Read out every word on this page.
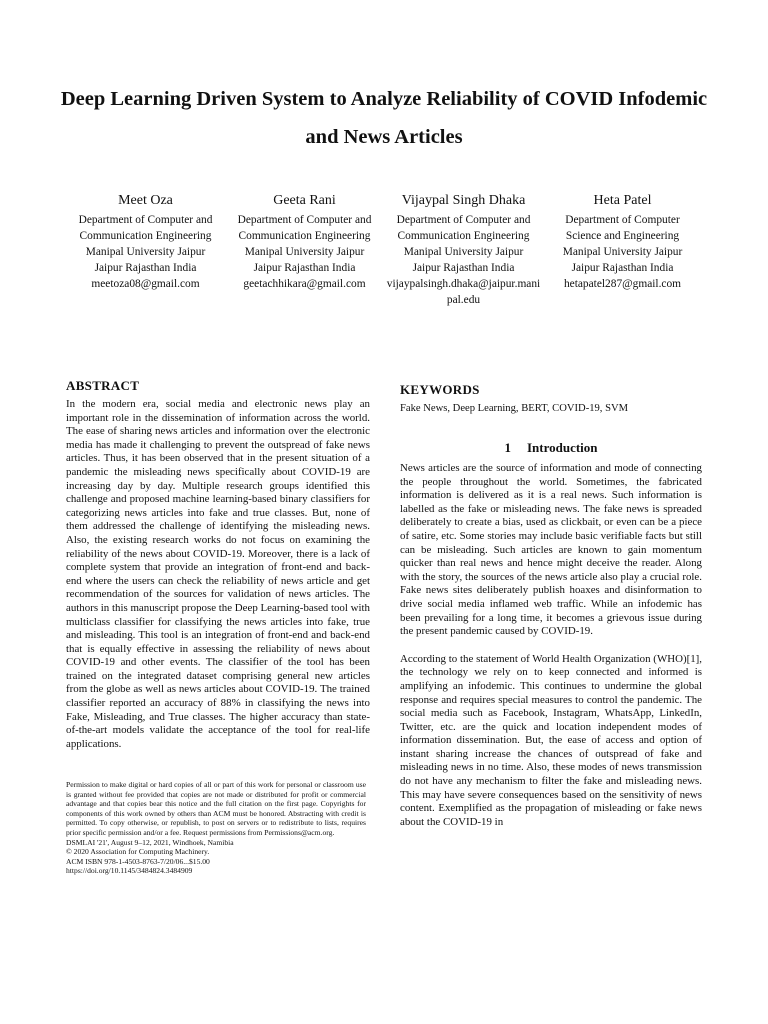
Deep Learning Driven System to Analyze Reliability of COVID Infodemic and News Articles
Meet Oza
Department of Computer and
Communication Engineering
Manipal University Jaipur
Jaipur Rajasthan India
meetoza08@gmail.com
Geeta Rani
Department of Computer and
Communication Engineering
Manipal University Jaipur
Jaipur Rajasthan India
geetachhikara@gmail.com
Vijaypal Singh Dhaka
Department of Computer and
Communication Engineering
Manipal University Jaipur
Jaipur Rajasthan India
vijaypalsingh.dhaka@jaipur.manipal.edu
Heta Patel
Department of Computer
Science and Engineering
Manipal University Jaipur
Jaipur Rajasthan India
hetapatel287@gmail.com
ABSTRACT

In the modern era, social media and electronic news play an important role in the dissemination of information across the world. The ease of sharing news articles and information over the electronic media has made it challenging to prevent the outspread of fake news articles. Thus, it has been observed that in the present situation of a pandemic the misleading news specifically about COVID-19 are increasing day by day. Multiple research groups identified this challenge and proposed machine learning-based binary classifiers for categorizing news articles into fake and true classes. But, none of them addressed the challenge of identifying the misleading news. Also, the existing research works do not focus on examining the reliability of the news about COVID-19. Moreover, there is a lack of complete system that provide an integration of front-end and back-end where the users can check the reliability of news article and get recommendation of the sources for validation of news articles. The authors in this manuscript propose the Deep Learning-based tool with multiclass classifier for classifying the news articles into fake, true and misleading. This tool is an integration of front-end and back-end that is equally effective in assessing the reliability of news about COVID-19 and other events. The classifier of the tool has been trained on the integrated dataset comprising general new articles from the globe as well as news articles about COVID-19. The trained classifier reported an accuracy of 88% in classifying the news into Fake, Misleading, and True classes. The higher accuracy than state-of-the-art models validate the acceptance of the tool for real-life applications.

Permission to make digital or hard copies of all or part of this work for personal or classroom use is granted without fee provided that copies are not made or distributed for profit or commercial advantage and that copies bear this notice and the full citation on the first page. Copyrights for components of this work owned by others than ACM must be honored. Abstracting with credit is permitted. To copy otherwise, or republish, to post on servers or to redistribute to lists, requires prior specific permission and/or a fee. Request permissions from Permissions@acm.org.
DSMLAI '21', August 9–12, 2021, Windhoek, Namibia
© 2020 Association for Computing Machinery.
ACM ISBN 978-1-4503-8763-7/20/06...$15.00
https://doi.org/10.1145/3484824.3484909

KEYWORDS

Fake News, Deep Learning, BERT, COVID-19, SVM

1 Introduction

News articles are the source of information and mode of connecting the people throughout the world. Sometimes, the fabricated information is delivered as it is a real news. Such information is labelled as the fake or misleading news. The fake news is spreaded deliberately to create a bias, used as clickbait, or even can be a piece of satire, etc. Some stories may include basic verifiable facts but still can be misleading. Such articles are known to gain momentum quicker than real news and hence might deceive the reader. Along with the story, the sources of the news article also play a crucial role. Fake news sites deliberately publish hoaxes and disinformation to drive social media inflamed web traffic. While an infodemic has been prevailing for a long time, it becomes a grievous issue during the present pandemic caused by COVID-19.

According to the statement of World Health Organization (WHO)[1], the technology we rely on to keep connected and informed is amplifying an infodemic. This continues to undermine the global response and requires special measures to control the pandemic. The social media such as Facebook, Instagram, WhatsApp, LinkedIn, Twitter, etc. are the quick and location independent modes of information dissemination. But, the ease of access and option of instant sharing increase the chances of outspread of fake and misleading news in no time. Also, these modes of news transmission do not have any mechanism to filter the fake and misleading news. This may have severe consequences based on the sensitivity of news content. Exemplified as the propagation of misleading or fake news about the COVID-19 in
